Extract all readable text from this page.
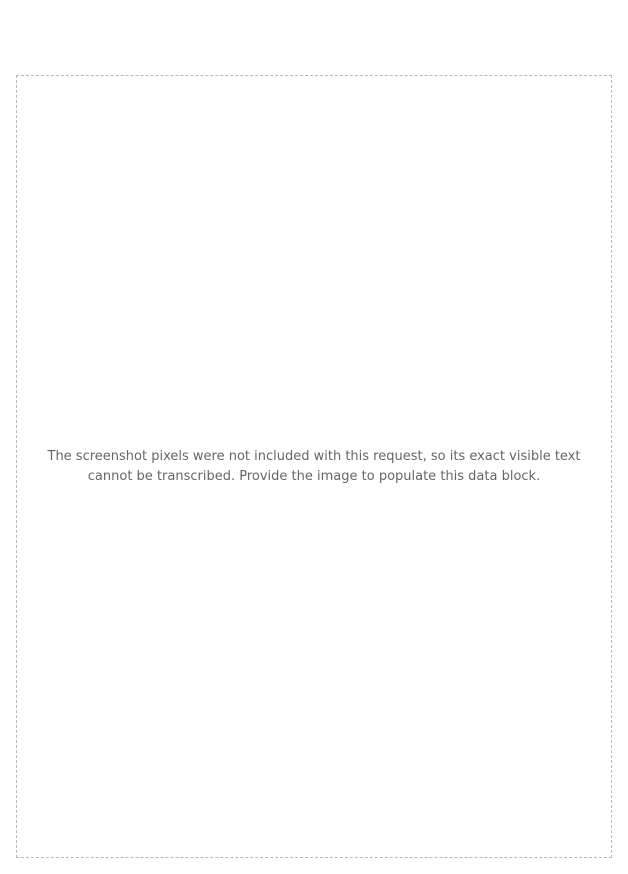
The screenshot pixels were not included with this request, so its exact visible text cannot be transcribed. Provide the image to populate this data block.
